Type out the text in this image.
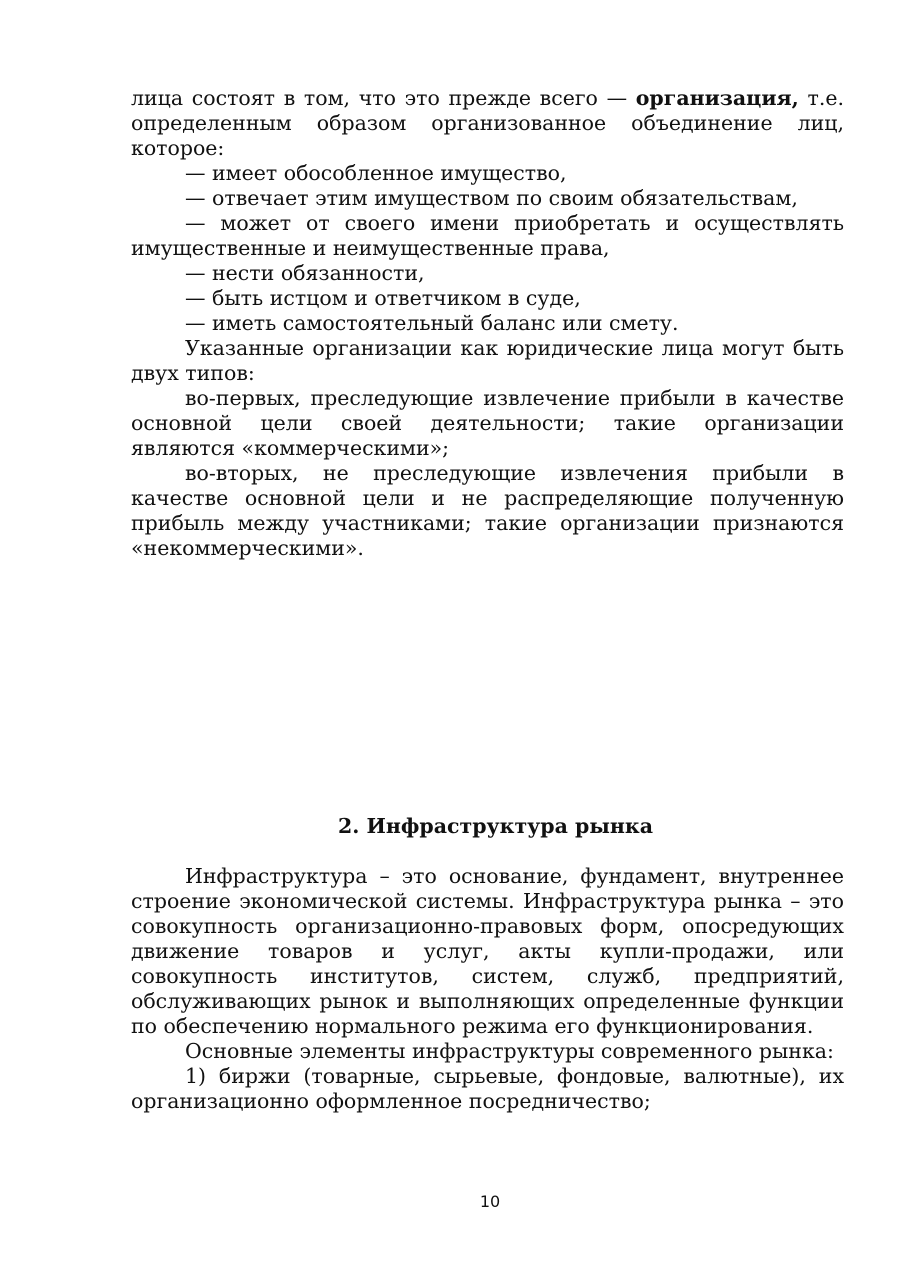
лица состоят в том, что это прежде всего — организация, т.е. определенным образом организованное объединение лиц, которое:

— имеет обособленное имущество,

— отвечает этим имуществом по своим обязательствам,

— может от своего имени приобретать и осуществлять имущественные и неимущественные права,

— нести обязанности,

— быть истцом и ответчиком в суде,

— иметь самостоятельный баланс или смету.

Указанные организации как юридические лица могут быть двух типов:

во-первых, преследующие извлечение прибыли в качестве основной цели своей деятельности; такие организации являются «коммерческими»;

во-вторых, не преследующие извлечения прибыли в качестве основной цели и не распределяющие полученную прибыль между участниками; такие организации признаются «некоммерческими».

2. Инфраструктура рынка

Инфраструктура – это основание, фундамент, внутреннее строение экономической системы. Инфраструктура рынка – это совокупность организационно-правовых форм, опосредующих движение товаров и услуг, акты купли-продажи, или совокупность институтов, систем, служб, предприятий, обслуживающих рынок и выполняющих определенные функции по обеспечению нормального режима его функционирования.

Основные элементы инфраструктуры современного рынка:

1) биржи (товарные, сырьевые, фондовые, валютные), их организационно оформленное посредничество;

10
